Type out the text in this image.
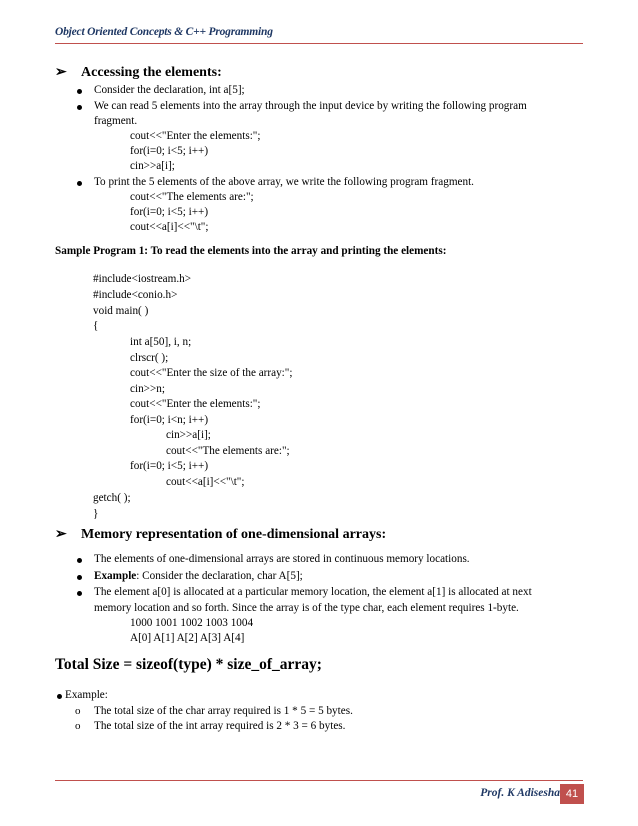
Object Oriented Concepts & C++ Programming
➢ Accessing the elements:
Consider the declaration, int a[5];
We can read 5 elements into the array through the input device by writing the following program
fragment.
cout<<"Enter the elements:";
for(i=0; i<5; i++)
cin>>a[i];
To print the 5 elements of the above array, we write the following program fragment.
cout<<"The elements are:";
for(i=0; i<5; i++)
cout<<a[i]<<"\t";
Sample Program 1: To read the elements into the array and printing the elements:
#include<iostream.h>
#include<conio.h>
void main( )
{
int a[50], i, n;
clrscr( );
cout<<"Enter the size of the array:";
cin>>n;
cout<<"Enter the elements:";
for(i=0; i<n; i++)
cin>>a[i];
cout<<"The elements are:";
for(i=0; i<5; i++)
cout<<a[i]<<"\t";
getch( );
}
➢ Memory representation of one-dimensional arrays:
The elements of one-dimensional arrays are stored in continuous memory locations.
Example: Consider the declaration, char A[5];
The element a[0] is allocated at a particular memory location, the element a[1] is allocated at next
memory location and so forth. Since the array is of the type char, each element requires 1-byte.
1000 1001 1002 1003 1004
A[0] A[1] A[2] A[3] A[4]
Total Size = sizeof(type) * size_of_array;
Example:
o The total size of the char array required is 1 * 5 = 5 bytes.
o The total size of the int array required is 2 * 3 = 6 bytes.
Prof. K Adisesha 41
